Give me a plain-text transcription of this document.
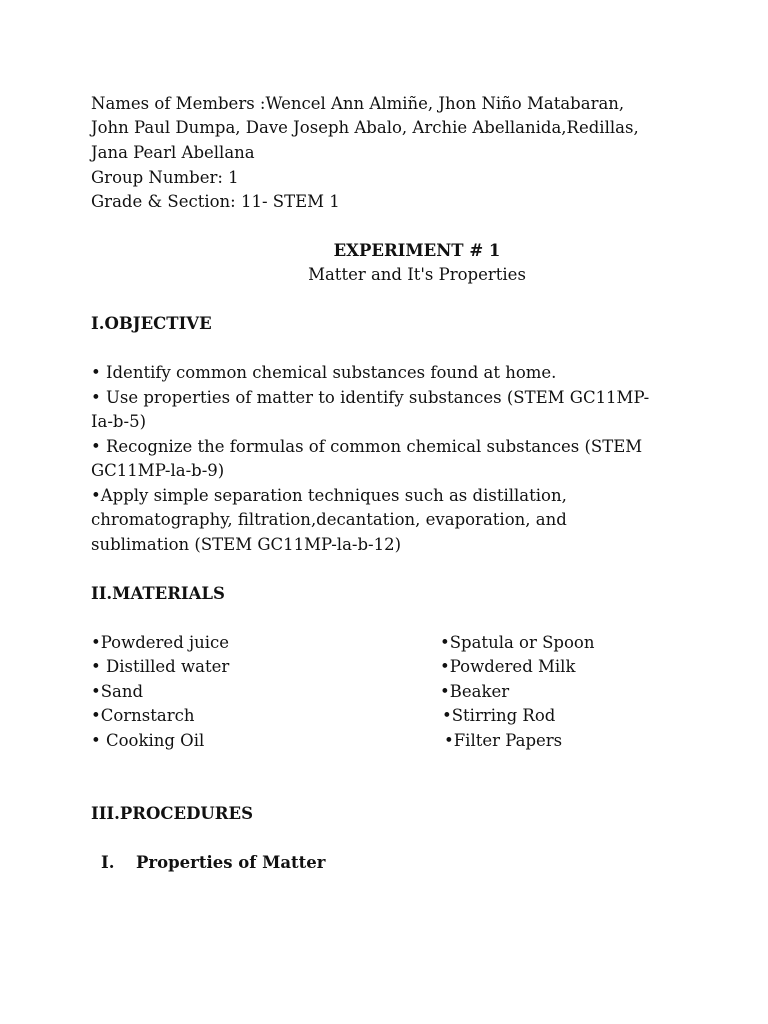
Names of Members :Wencel Ann Almiñe, Jhon Niño Matabaran,
John Paul Dumpa, Dave Joseph Abalo, Archie Abellanida,Redillas,
Jana Pearl Abellana
Group Number: 1
Grade & Section: 11- STEM 1
EXPERIMENT # 1
Matter and It's Properties
I.OBJECTIVE
• Identify common chemical substances found at home.
• Use properties of matter to identify substances (STEM GC11MP-
Ia-b-5)
• Recognize the formulas of common chemical substances (STEM
GC11MP-la-b-9)
•Apply simple separation techniques such as distillation,
chromatography, filtration,decantation, evaporation, and
sublimation (STEM GC11MP-la-b-12)
II.MATERIALS
•Powdered juice
• Distilled water
•Sand
•Cornstarch
• Cooking Oil
•Spatula or Spoon
•Powdered Milk
•Beaker
•Stirring Rod
•Filter Papers
III.PROCEDURES
I. Properties of Matter
